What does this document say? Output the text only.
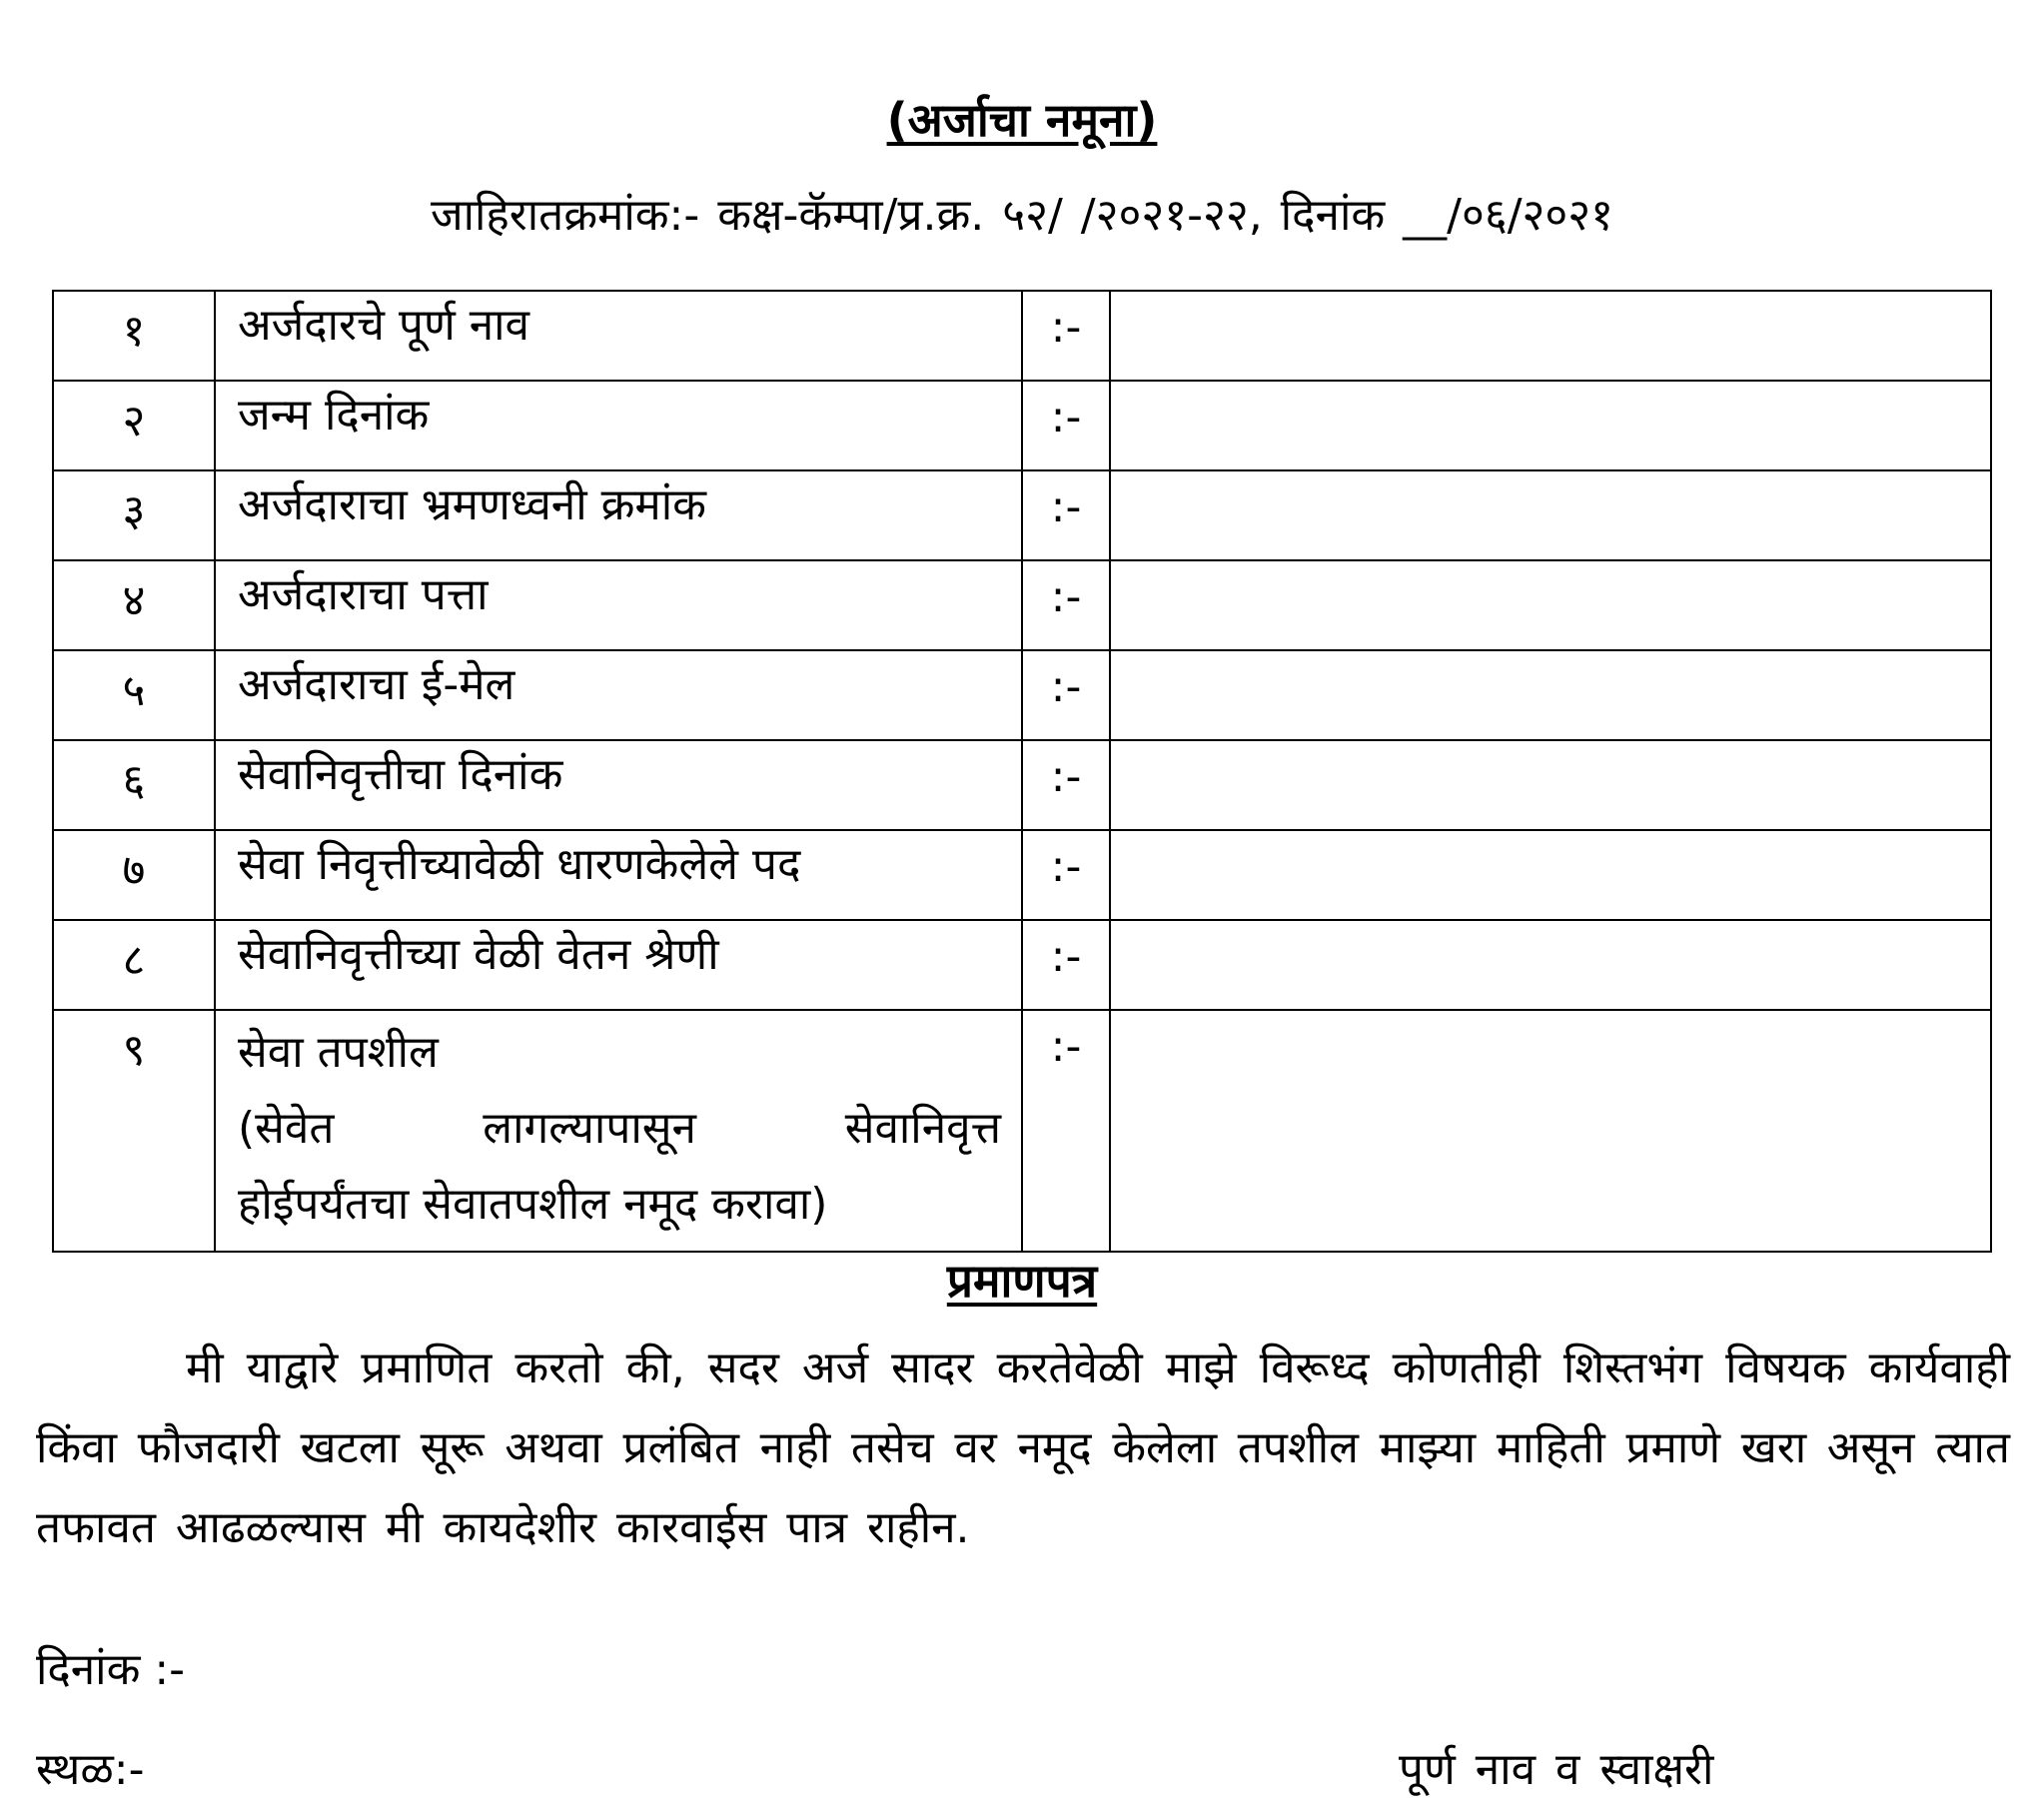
(अर्जाचा नमूना)
जाहिरातक्रमांक:- कक्ष-कॅम्पा/प्र.क्र. ५२/ /२०२१-२२, दिनांक __/०६/२०२१
१	अर्जदारचे पूर्ण नाव	:-	
२	जन्म दिनांक	:-	
३	अर्जदाराचा भ्रमणध्वनी क्रमांक	:-	
४	अर्जदाराचा पत्ता	:-	
५	अर्जदाराचा ई-मेल	:-	
६	सेवानिवृत्तीचा दिनांक	:-	
७	सेवा निवृत्तीच्यावेळी धारणकेलेले पद	:-	
८	सेवानिवृत्तीच्या वेळी वेतन श्रेणी	:-	
९	सेवा तपशील
(सेवेत लागल्यापासून सेवानिवृत्त
होईपर्यंतचा सेवातपशील नमूद करावा)	:-	
प्रमाणपत्र
मी याद्वारे प्रमाणित करतो की, सदर अर्ज सादर करतेवेळी माझे विरूध्द कोणतीही शिस्तभंग विषयक कार्यवाही किंवा फौजदारी खटला सूरू अथवा प्रलंबित नाही तसेच वर नमूद केलेला तपशील माझ्या माहिती प्रमाणे खरा असून त्यात तफावत आढळल्यास मी कायदेशीर कारवाईस पात्र राहीन.
दिनांक :-
स्थळ:-	पूर्ण नाव व स्वाक्षरी
